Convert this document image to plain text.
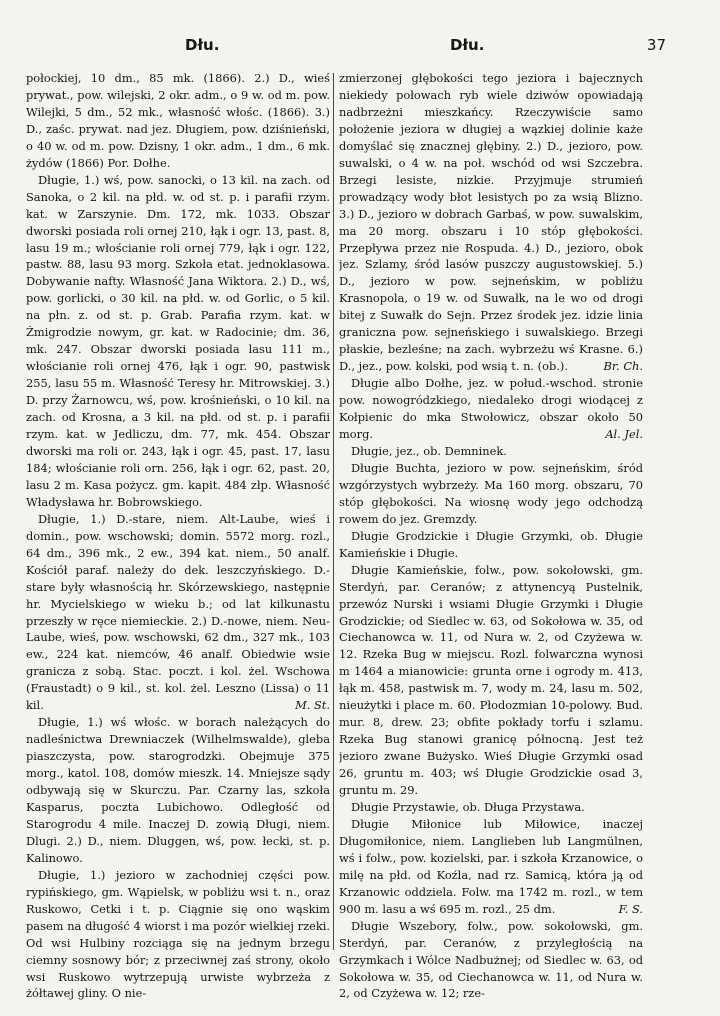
Dłu.	Dłu.	37

połockiej, 10 dm., 85 mk. (1866). 2.) D., wieś prywat., pow. wilejski, 2 okr. adm., o 9 w. od m. pow. Wilejki, 5 dm., 52 mk., własność włośc. (1866). 3.) D., zaśc. prywat. nad jez. Długiem, pow. dziśnieński, o 40 w. od m. pow. Dzisny, 1 okr. adm., 1 dm., 6 mk. żydów (1866) Por. Dołhe.

Długie, 1.) wś, pow. sanocki, o 13 kil. na zach. od Sanoka, o 2 kil. na płd. w. od st. p. i parafii rzym. kat. w Zarszynie. Dm. 172, mk. 1033. Obszar dworski posiada roli ornej 210, łąk i ogr. 13, past. 8, lasu 19 m.; włościanie roli ornej 779, łąk i ogr. 122, pastw. 88, lasu 93 morg. Szkoła etat. jednoklasowa. Dobywanie nafty. Własność Jana Wiktora. 2.) D., wś, pow. gorlicki, o 30 kil. na płd. w. od Gorlic, o 5 kil. na płn. z. od st. p. Grab. Parafia rzym. kat. w Żmigrodzie nowym, gr. kat. w Radocinie; dm. 36, mk. 247. Obszar dworski posiada lasu 111 m., włościanie roli ornej 476, łąk i ogr. 90, pastwisk 255, lasu 55 m. Własność Teresy hr. Mitrowskiej. 3.) D. przy Żarnowcu, wś, pow. krośnieński, o 10 kil. na zach. od Krosna, a 3 kil. na płd. od st. p. i parafii rzym. kat. w Jedliczu, dm. 77, mk. 454. Obszar dworski ma roli or. 243, łąk i ogr. 45, past. 17, lasu 184; włościanie roli orn. 256, łąk i ogr. 62, past. 20, lasu 2 m. Kasa pożycz. gm. kapit. 484 złp. Własność Władysława hr. Bobrowskiego.

Długie, 1.) D.-stare, niem. Alt-Laube, wieś i domin., pow. wschowski; domin. 5572 morg. rozl., 64 dm., 396 mk., 2 ew., 394 kat. niem., 50 analf. Kościół paraf. należy do dek. leszczyńskiego. D.-stare były własnością hr. Skórzewskiego, następnie hr. Mycielskiego w wieku b.; od lat kilkunastu przeszły w ręce niemieckie. 2.) D.-nowe, niem. Neu-Laube, wieś, pow. wschowski, 62 dm., 327 mk., 103 ew., 224 kat. niemców, 46 analf. Obiedwie wsie granicza z sobą. Stac. poczt. i kol. żel. Wschowa (Fraustadt) o 9 kil., st. kol. żel. Leszno (Lissa) o 11 kil.	M. St.

Długie, 1.) wś włośc. w borach należących do nadleśnictwa Drewniaczek (Wilhelmswalde), gleba piaszczysta, pow. starogrodzki. Obejmuje 375 morg., katol. 108, domów mieszk. 14. Mniejsze sądy odbywają się w Skurczu. Par. Czarny las, szkoła Kasparus, poczta Lubichowo. Odległość od Starogrodu 4 mile. Inaczej D. zowią Długi, niem. Dlugi. 2.) D., niem. Dluggen, wś, pow. łecki, st. p. Kalinowo.

Długie, 1.) jezioro w zachodniej części pow. rypińskiego, gm. Wąpielsk, w pobliżu wsi t. n., oraz Ruskowo, Cetki i t. p. Ciągnie się ono wąskim pasem na długość 4 wiorst i ma pozór wielkiej rzeki. Od wsi Hulbiny rozciąga się na jednym brzegu ciemny sosnowy bór; z przeciwnej zaś strony, około wsi Ruskowo wytrzepują urwiste wybrzeża z żółtawej gliny. O nie-

zmierzonej głębokości tego jeziora i bajecznych niekiedy połowach ryb wiele dziwów opowiadają nadbrzeżni mieszkańcy. Rzeczywiście samo położenie jeziora w długiej a wązkiej dolinie każe domyślać się znacznej głębiny. 2.) D., jezioro, pow. suwalski, o 4 w. na poł. wschód od wsi Szczebra. Brzegi lesiste, nizkie. Przyjmuje strumień prowadzący wody błot lesistych po za wsią Blizno. 3.) D., jezioro w dobrach Garbaś, w pow. suwalskim, ma 20 morg. obszaru i 10 stóp głębokości. Przepływa przez nie Rospuda. 4.) D., jezioro, obok jez. Szlamy, śród lasów puszczy augustowskiej. 5.) D., jezioro w pow. sejneńskim, w pobliżu Krasnopola, o 19 w. od Suwałk, na le wo od drogi bitej z Suwałk do Sejn. Przez środek jez. idzie linia graniczna pow. sejneńskiego i suwalskiego. Brzegi płaskie, bezleśne; na zach. wybrzeżu wś Krasne. 6.) D., jez., pow. kolski, pod wsią t. n. (ob.).	Br. Ch.

Długie albo Dołhe, jez. w połud.-wschod. stronie pow. nowogródzkiego, niedaleko drogi wiodącej z Kołpienic do mka Stwołowicz, obszar około 50 morg.	Al. Jel.

Długie, jez., ob. Demninek.

Długie Buchta, jezioro w pow. sejneńskim, śród wzgórzystych wybrzeży. Ma 160 morg. obszaru, 70 stóp głębokości. Na wiosnę wody jego odchodzą rowem do jez. Gremzdy.

Długie Grodzickie i Długie Grzymki, ob. Długie Kamieńskie i Długie.

Długie Kamieńskie, folw., pow. sokołowski, gm. Sterdyń, par. Ceranów; z attynencyą Pustelnik, przewóz Nurski i wsiami Długie Grzymki i Długie Grodzickie; od Siedlec w. 63, od Sokołowa w. 35, od Ciechanowca w. 11, od Nura w. 2, od Czyżewa w. 12. Rzeka Bug w miejscu. Rozl. folwarczna wynosi m 1464 a mianowicie: grunta orne i ogrody m. 413, łąk m. 458, pastwisk m. 7, wody m. 24, lasu m. 502, nieużytki i place m. 60. Płodozmian 10-polowy. Bud. mur. 8, drew. 23; obfite pokłady torfu i szlamu. Rzeka Bug stanowi granicę północną. Jest też jezioro zwane Bużysko. Wieś Długie Grzymki osad 26, gruntu m. 403; wś Długie Grodzickie osad 3, gruntu m. 29.

Długie Przystawie, ob. Długa Przystawa.

Długie Miłonice lub Miłowice, inaczej Długomiłonice, niem. Langlieben lub Langmülnen, wś i folw., pow. kozielski, par. i szkoła Krzanowice, o milę na płd. od Koźla, nad rz. Samicą, która ją od Krzanowic oddziela. Folw. ma 1742 m. rozl., w tem 900 m. lasu a wś 695 m. rozl., 25 dm.	F. S.

Długie Wszebory, folw., pow. sokołowski, gm. Sterdyń, par. Ceranów, z przyległością na Grzymkach i Wólce Nadbużnej; od Siedlec w. 63, od Sokołowa w. 35, od Ciechanowca w. 11, od Nura w. 2, od Czyżewa w. 12; rze-
